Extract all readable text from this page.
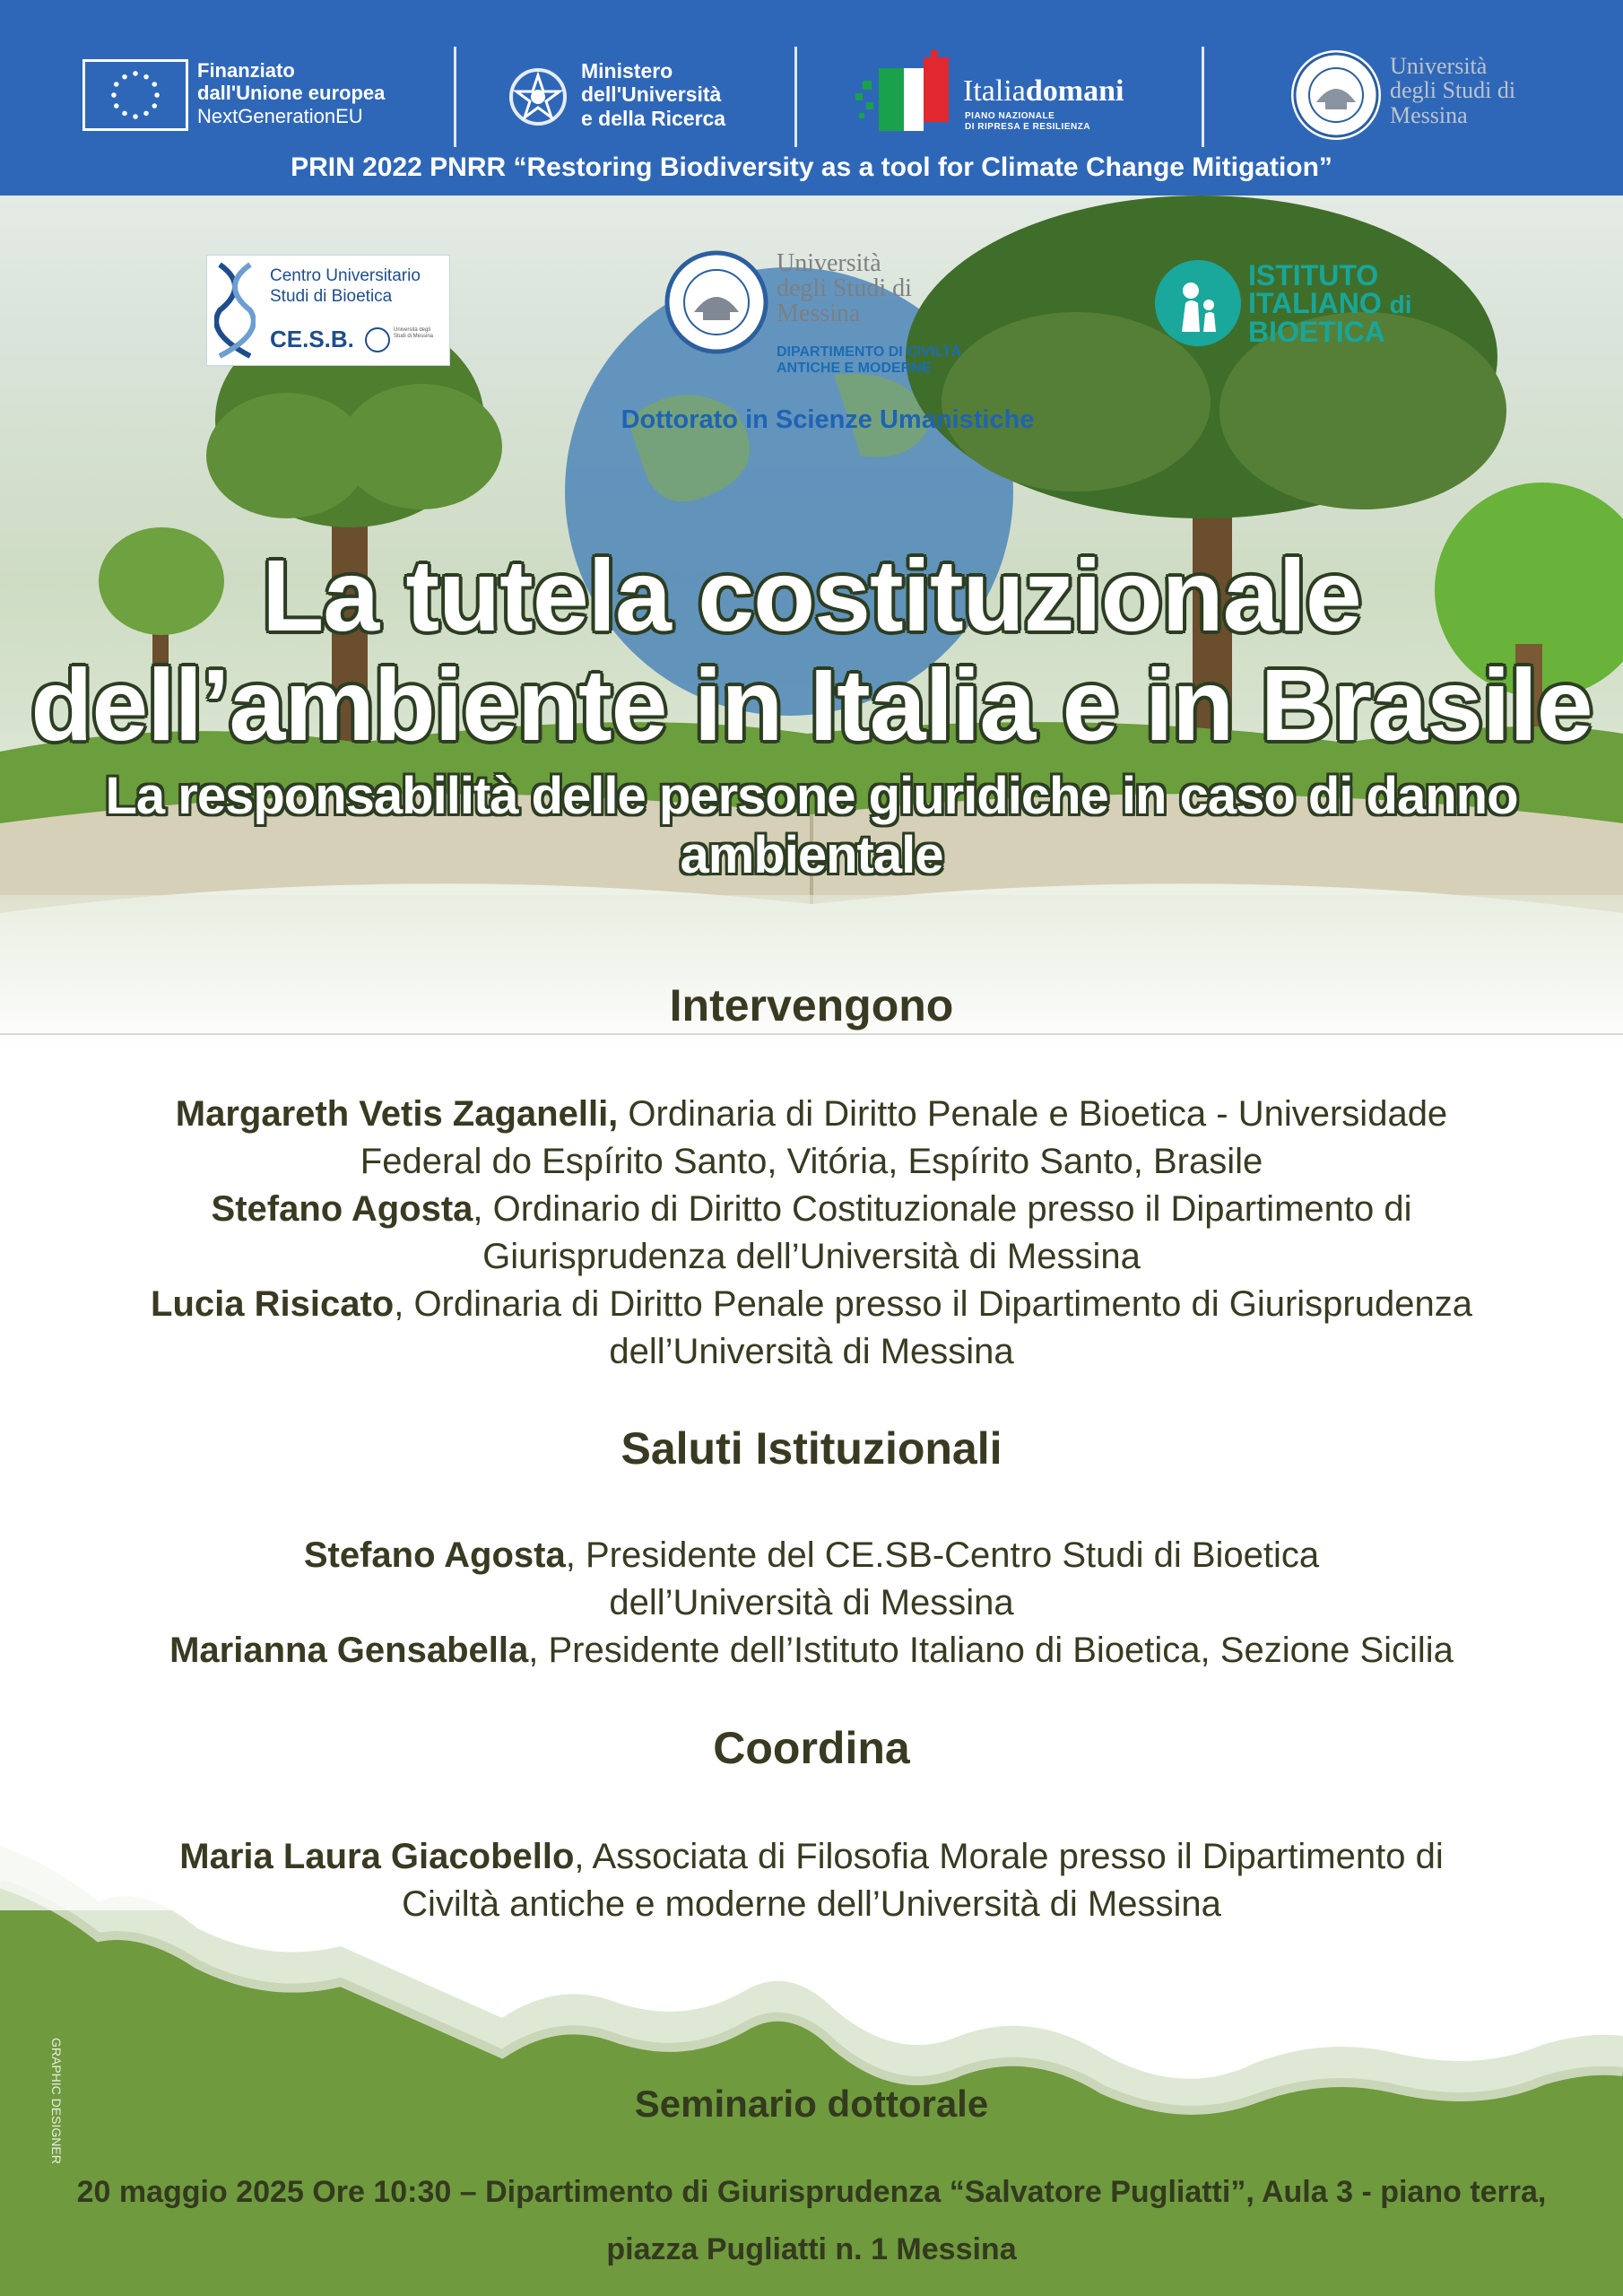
Finanziato
dall'Unione europea
NextGenerationEU
Ministero
dell'Università
e della Ricerca
Italiadomani
PIANO NAZIONALE
DI RIPRESA E RESILIENZA
Università
degli Studi di
Messina
PRIN 2022 PNRR “Restoring Biodiversity as a tool for Climate Change Mitigation”
Centro Universitario
Studi di Bioetica
CE.S.B.	Università degli Studi di Messina
Università
degli Studi di
Messina
DIPARTIMENTO DI CIVILTÀ
ANTICHE E MODERNE
Dottorato in Scienze Umanistiche
ISTITUTO
ITALIANO di
BIOETICA
La tutela costituzionale
dell’ambiente in Italia e in Brasile
La responsabilità delle persone giuridiche in caso di danno
ambientale
Intervengono

Margareth Vetis Zaganelli, Ordinaria di Diritto Penale e Bioetica - Universidade

Federal do Espírito Santo, Vitória, Espírito Santo, Brasile

Stefano Agosta, Ordinario di Diritto Costituzionale presso il Dipartimento di

Giurisprudenza dell’Università di Messina

Lucia Risicato, Ordinaria di Diritto Penale presso il Dipartimento di Giurisprudenza

dell’Università di Messina

Saluti Istituzionali

Stefano Agosta, Presidente del CE.SB-Centro Studi di Bioetica

dell’Università di Messina

Marianna Gensabella, Presidente dell’Istituto Italiano di Bioetica, Sezione Sicilia

Coordina

Maria Laura Giacobello, Associata di Filosofia Morale presso il Dipartimento di

Civiltà antiche e moderne dell’Università di Messina

GRAPHIC DESIGNER	Seminario dottorale
20 maggio 2025 Ore 10:30 – Dipartimento di Giurisprudenza “Salvatore Pugliatti”, Aula 3 - piano terra,
piazza Pugliatti n. 1 Messina
